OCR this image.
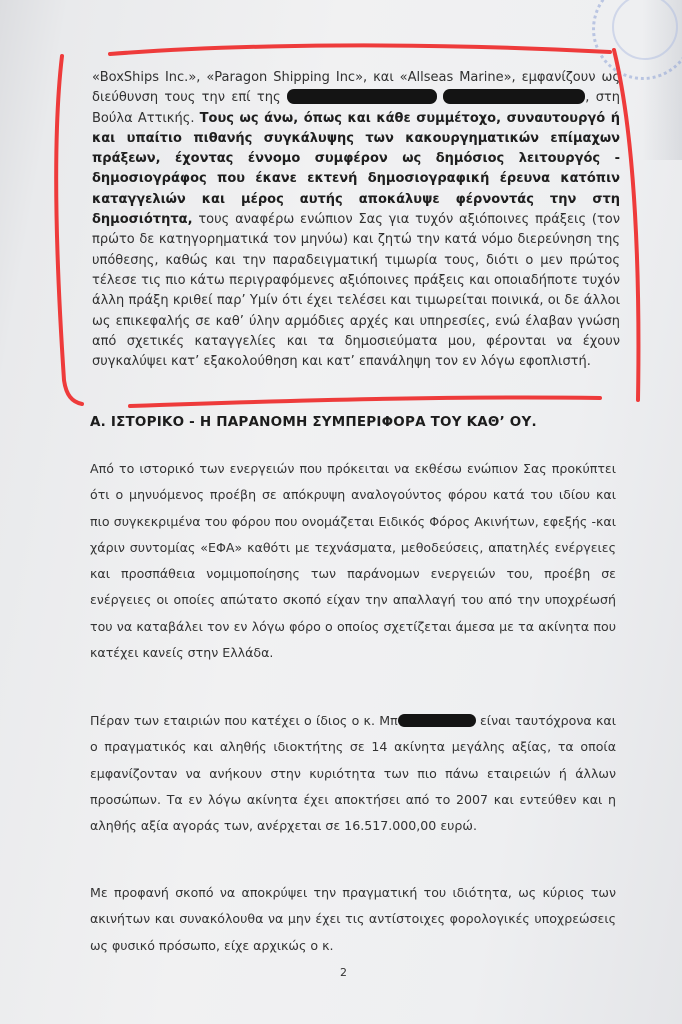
«BoxShips Inc.», «Paragon Shipping Inc», και «Allseas Marine», εμφανίζουν ως διεύθυνση τους την επί της	, στη Βούλα Αττικής. Τους ως άνω, όπως και κάθε συμμέτοχο, συναυτουργό ή και υπαίτιο πιθανής συγκάλυψης των κακουργηματικών επίμαχων πράξεων, έχοντας έννομο συμφέρον ως δημόσιος λειτουργός - δημοσιογράφος που έκανε εκτενή δημοσιογραφική έρευνα κατόπιν καταγγελιών και μέρος αυτής αποκάλυψε φέρνοντάς την στη δημοσιότητα, τους αναφέρω ενώπιον Σας για τυχόν αξιόποινες πράξεις (τον πρώτο δε κατηγορηματικά τον μηνύω) και ζητώ την κατά νόμο διερεύνηση της υπόθεσης, καθώς και την παραδειγματική τιμωρία τους, διότι ο μεν πρώτος τέλεσε τις πιο κάτω περιγραφόμενες αξιόποινες πράξεις και οποιαδήποτε τυχόν άλλη πράξη κριθεί παρ’ Υμίν ότι έχει τελέσει και τιμωρείται ποινικά, οι δε άλλοι ως επικεφαλής σε καθ’ ύλην αρμόδιες αρχές και υπηρεσίες, ενώ έλαβαν γνώση από σχετικές καταγγελίες και τα δημοσιεύματα μου, φέρονται να έχουν συγκαλύψει κατ’ εξακολούθηση και κατ’ επανάληψη τον εν λόγω εφοπλιστή.

Α. ΙΣΤΟΡΙΚΟ - Η ΠΑΡΑΝΟΜΗ ΣΥΜΠΕΡΙΦΟΡΑ ΤΟΥ ΚΑΘ’ ΟΥ.

Από το ιστορικό των ενεργειών που πρόκειται να εκθέσω ενώπιον Σας προκύπτει ότι ο μηνυόμενος προέβη σε απόκρυψη αναλογούντος φόρου κατά του ιδίου και πιο συγκεκριμένα του φόρου που ονομάζεται Ειδικός Φόρος Ακινήτων, εφεξής -και χάριν συντομίας «ΕΦΑ» καθότι με τεχνάσματα, μεθοδεύσεις, απατηλές ενέργειες και προσπάθεια νομιμοποίησης των παράνομων ενεργειών του, προέβη σε ενέργειες οι οποίες απώτατο σκοπό είχαν την απαλλαγή του από την υποχρέωσή του να καταβάλει τον εν λόγω φόρο ο οποίος σχετίζεται άμεσα με τα ακίνητα που κατέχει κανείς στην Ελλάδα.

Πέραν των εταιριών που κατέχει ο ίδιος ο κ. Μπ	είναι ταυτόχρονα και ο πραγματικός και αληθής ιδιοκτήτης σε 14 ακίνητα μεγάλης αξίας, τα οποία εμφανίζονταν να ανήκουν στην κυριότητα των πιο πάνω εταιρειών ή άλλων προσώπων. Τα εν λόγω ακίνητα έχει αποκτήσει από το 2007 και εντεύθεν και η αληθής αξία αγοράς των, ανέρχεται σε 16.517.000,00 ευρώ.

Με προφανή σκοπό να αποκρύψει την πραγματική του ιδιότητα, ως κύριος των ακινήτων και συνακόλουθα να μην έχει τις αντίστοιχες φορολογικές υποχρεώσεις ως φυσικό πρόσωπο, είχε αρχικώς ο κ.

2
